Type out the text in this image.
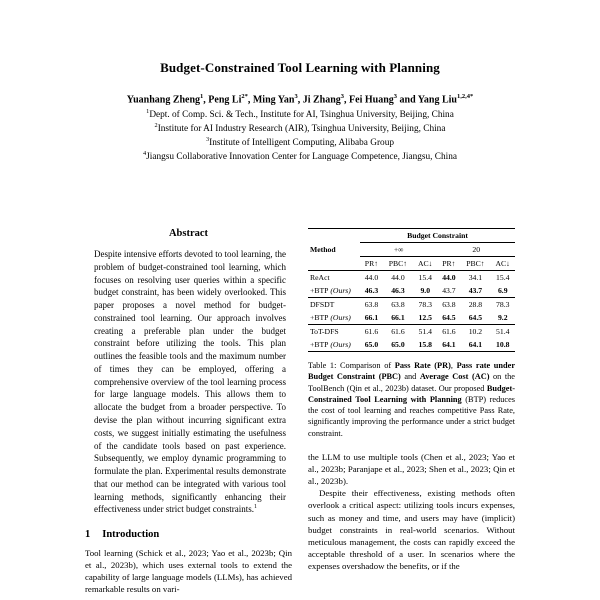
Budget-Constrained Tool Learning with Planning
Yuanhang Zheng$^1$, Peng $Li^{2*}$, Ming Yan$^3$, Ji Zhang$^3$, Fei Huang$^3$ and Yang Liu$^{1,2,4*}$
$^1$Dept. of Comp. Sci. & Tech., Institute for AI, Tsinghua University, Beijing, China
$^2$Institute for AI Industry Research (AIR), Tsinghua University, Beijing, China
$^3$Institute of Intelligent Computing, Alibaba Group
$^4$Jiangsu Collaborative Innovation Center for Language Competence, Jiangsu, China
Abstract

Despite intensive efforts devoted to tool learning, the problem of budget-constrained tool learning, which focuses on resolving user queries within a specific budget constraint, has been widely overlooked. This paper proposes a novel method for budget-constrained tool learning. Our approach involves creating a preferable plan under the budget constraint before utilizing the tools. This plan outlines the feasible tools and the maximum number of times they can be employed, offering a comprehensive overview of the tool learning process for large language models. This allows them to allocate the budget from a broader perspective. To devise the plan without incurring significant extra costs, we suggest initially estimating the usefulness of the candidate tools based on past experience. Subsequently, we employ dynamic programming to formulate the plan. Experimental results demonstrate that our method can be integrated with various tool learning methods, significantly enhancing their effectiveness under strict budget constraints.$^1$

1 Introduction

Tool learning (Schick et al., 2023; Yao et al., 2023b; Qin et al., 2023b), which uses external tools to extend the capability of large language models (LLMs), has achieved remarkable results on vari-

Method	Budget Constraint					
	+∞			20		
	PR↑	PBC↑	AC↓	PR↑	PBC↑	AC↓
ReAct	44.0	44.0	15.4	44.0	34.1	15.4
+BTP (Ours)	46.3	46.3	9.0	43.7	43.7	6.9
DFSDT	63.8	63.8	78.3	63.8	28.8	78.3
+BTP (Ours)	66.1	66.1	12.5	64.5	64.5	9.2
ToT-DFS	61.6	61.6	51.4	61.6	10.2	51.4
+BTP (Ours)	65.0	65.0	15.8	64.1	64.1	10.8

Table 1: Comparison of Pass Rate (PR), Pass rate under Budget Constraint (PBC) and Average Cost (AC) on the ToolBench (Qin et al., 2023b) dataset. Our proposed Budget-Constrained Tool Learning with Planning (BTP) reduces the cost of tool learning and reaches competitive Pass Rate, significantly improving the performance under a strict budget constraint.

the LLM to use multiple tools (Chen et al., 2023; Yao et al., 2023b; Paranjape et al., 2023; Shen et al., 2023; Qin et al., 2023b).

Despite their effectiveness, existing methods often overlook a critical aspect: utilizing tools incurs expenses, such as money and time, and users may have (implicit) budget constraints in real-world scenarios. Without meticulous management, the costs can rapidly exceed the acceptable threshold of a user. In scenarios where the expenses overshadow the benefits, or if the
